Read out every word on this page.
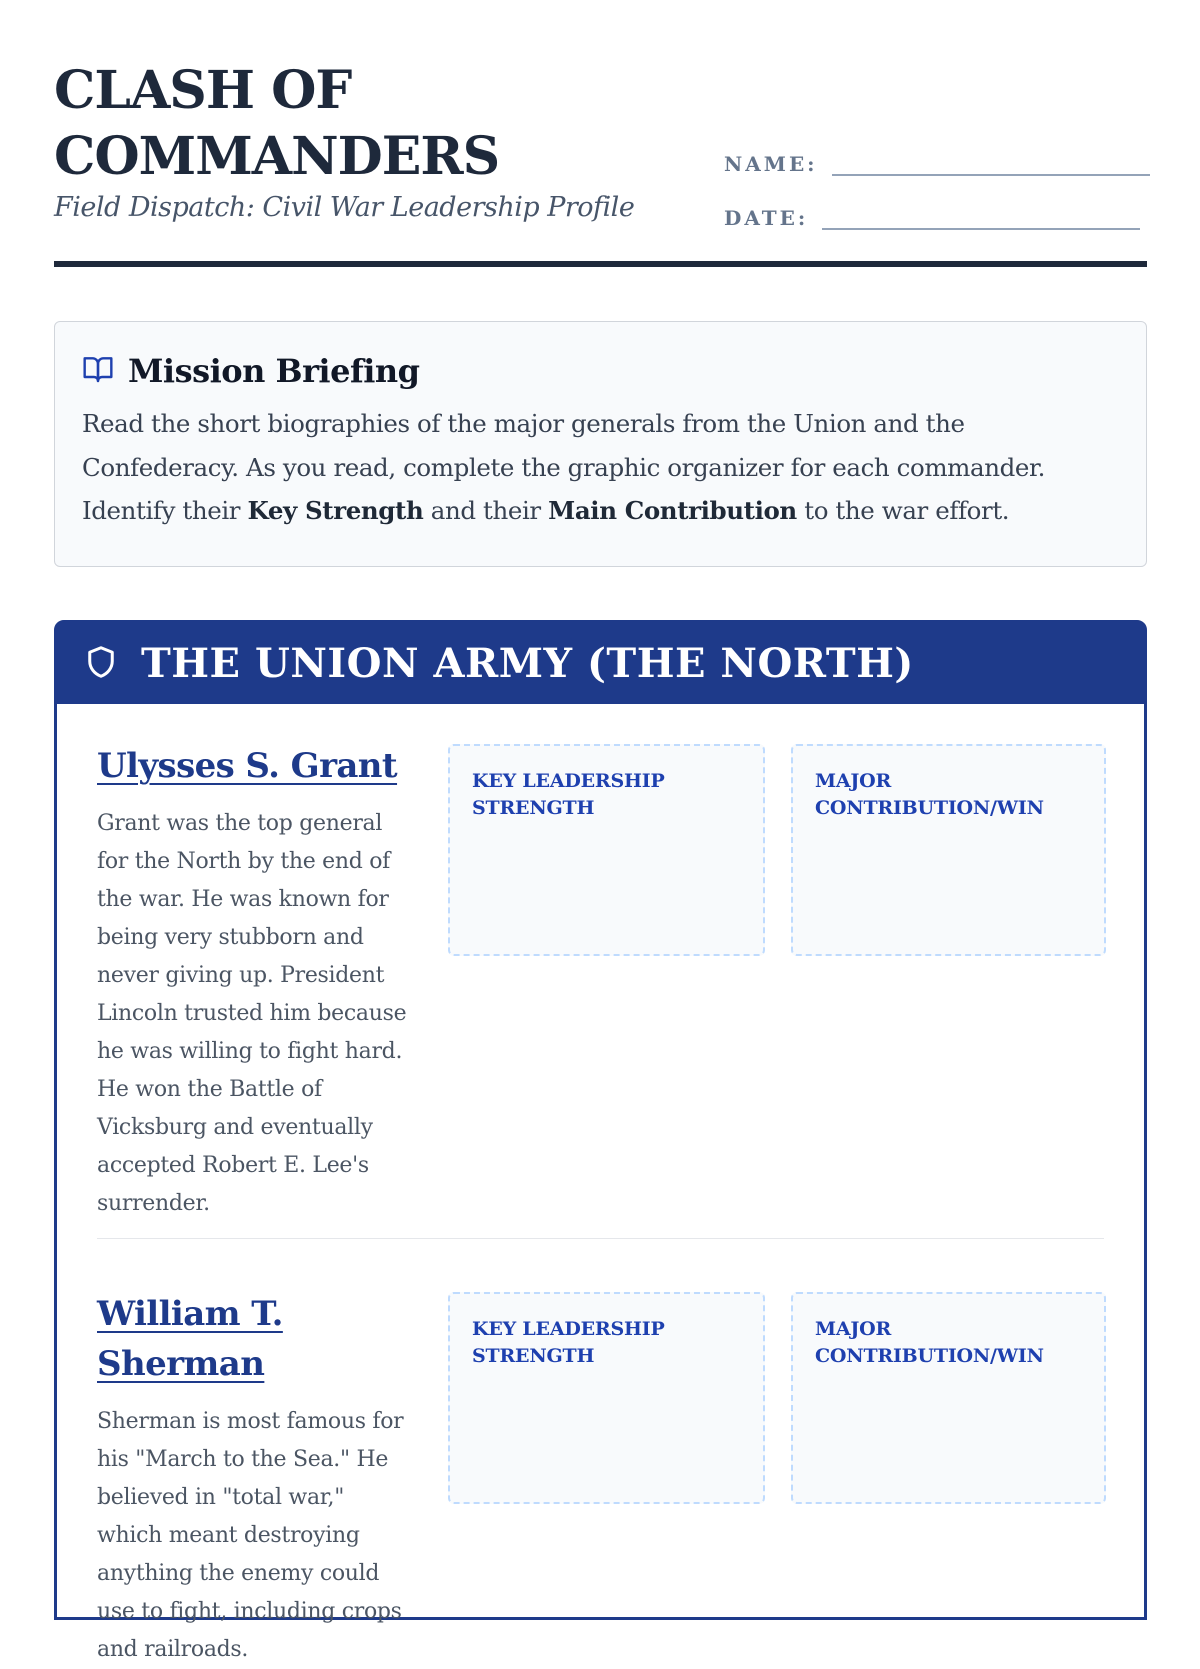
CLASH OF COMMANDERS
Field Dispatch: Civil War Leadership Profile
NAME:
DATE:
Mission Briefing

Read the short biographies of the major generals from the Union and the Confederacy. As you read, complete the graphic organizer for each commander. Identify their Key Strength and their Main Contribution to the war effort.

THE UNION ARMY (THE NORTH)
Ulysses S. Grant

Grant was the top general for the North by the end of the war. He was known for being very stubborn and never giving up. President Lincoln trusted him because he was willing to fight hard. He won the Battle of Vicksburg and eventually accepted Robert E. Lee's surrender.

KEY LEADERSHIP STRENGTH
MAJOR CONTRIBUTION/WIN
William T. Sherman

Sherman is most famous for his "March to the Sea." He believed in "total war," which meant destroying anything the enemy could use to fight, including crops and railroads.

KEY LEADERSHIP STRENGTH
MAJOR CONTRIBUTION/WIN
